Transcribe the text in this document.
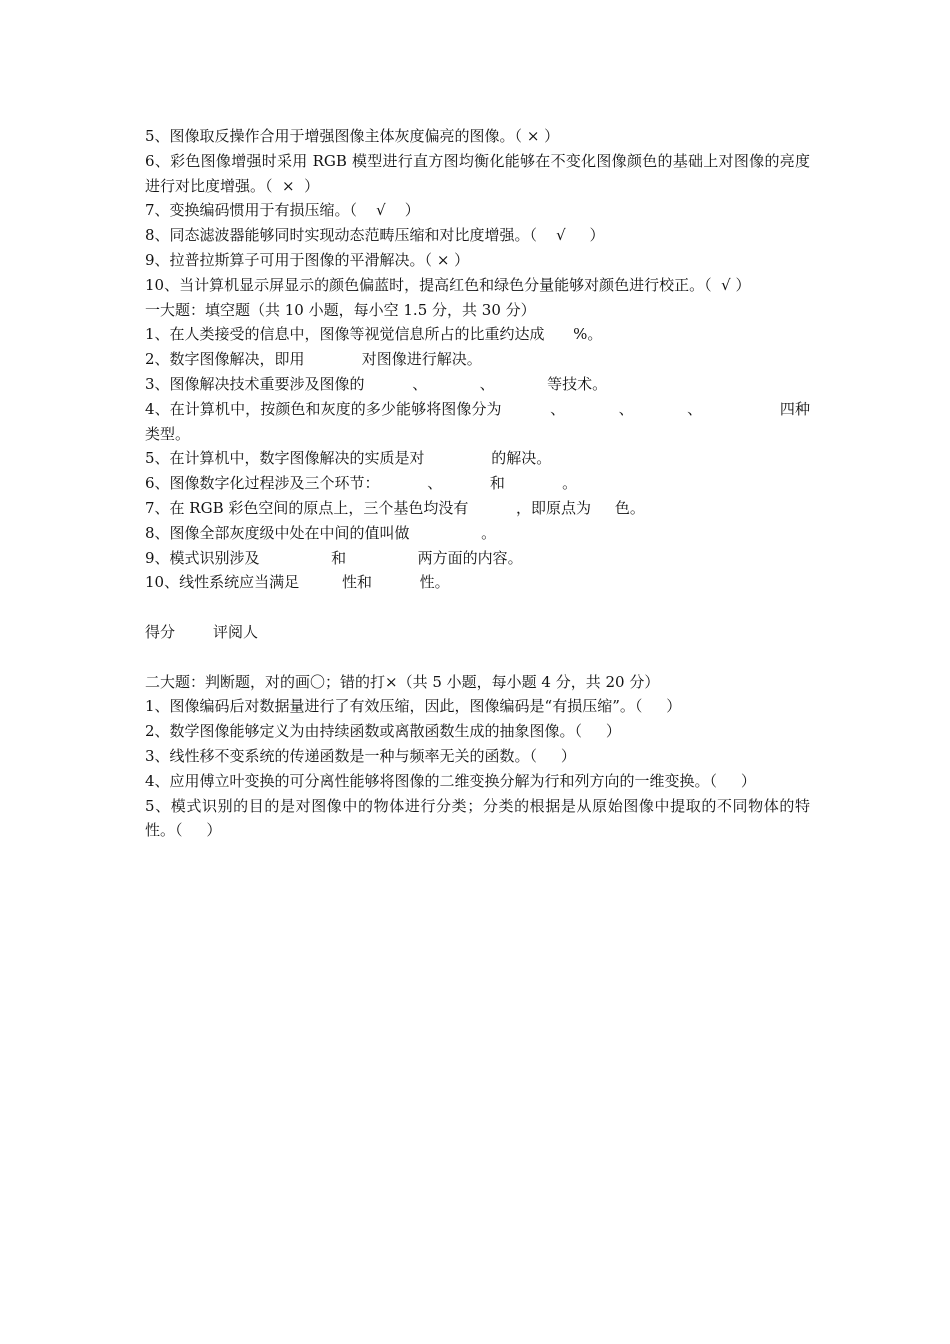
5、图像取反操作合用于增强图像主体灰度偏亮的图像。（ × ）
6、彩色图像增强时采用 RGB 模型进行直方图均衡化能够在不变化图像颜色的基础上对图像的亮度进行对比度增强。（  ×  ）
7、变换编码惯用于有损压缩。（    √    ）
8、同态滤波器能够同时实现动态范畴压缩和对比度增强。（    √     ）
9、拉普拉斯算子可用于图像的平滑解决。（ × ）
10、当计算机显示屏显示的颜色偏蓝时，提高红色和绿色分量能够对颜色进行校正。（  √ ）
一大题：填空题（共 10 小题，每小空 1.5 分，共 30 分）
1、在人类接受的信息中，图像等视觉信息所占的比重约达成      %。
2、数字图像解决，即用            对图像进行解决。
3、图像解决技术重要涉及图像的          、           、           等技术。
4、在计算机中，按颜色和灰度的多少能够将图像分为          、           、           、                四种类型。
5、在计算机中，数字图像解决的实质是对              的解决。
6、图像数字化过程涉及三个环节：          、          和            。
7、在 RGB 彩色空间的原点上，三个基色均没有          ，即原点为     色。
8、图像全部灰度级中处在中间的值叫做               。
9、模式识别涉及               和               两方面的内容。
10、线性系统应当满足         性和          性。
得分	评阅人
二大题：判断题，对的画〇；错的打×（共 5 小题，每小题 4 分，共 20 分）
1、图像编码后对数据量进行了有效压缩，因此，图像编码是“有损压缩”。（     ）
2、数学图像能够定义为由持续函数或离散函数生成的抽象图像。（     ）
3、线性移不变系统的传递函数是一种与频率无关的函数。（     ）
4、应用傅立叶变换的可分离性能够将图像的二维变换分解为行和列方向的一维变换。（     ）
5、模式识别的目的是对图像中的物体进行分类；分类的根据是从原始图像中提取的不同物体的特性。（     ）
